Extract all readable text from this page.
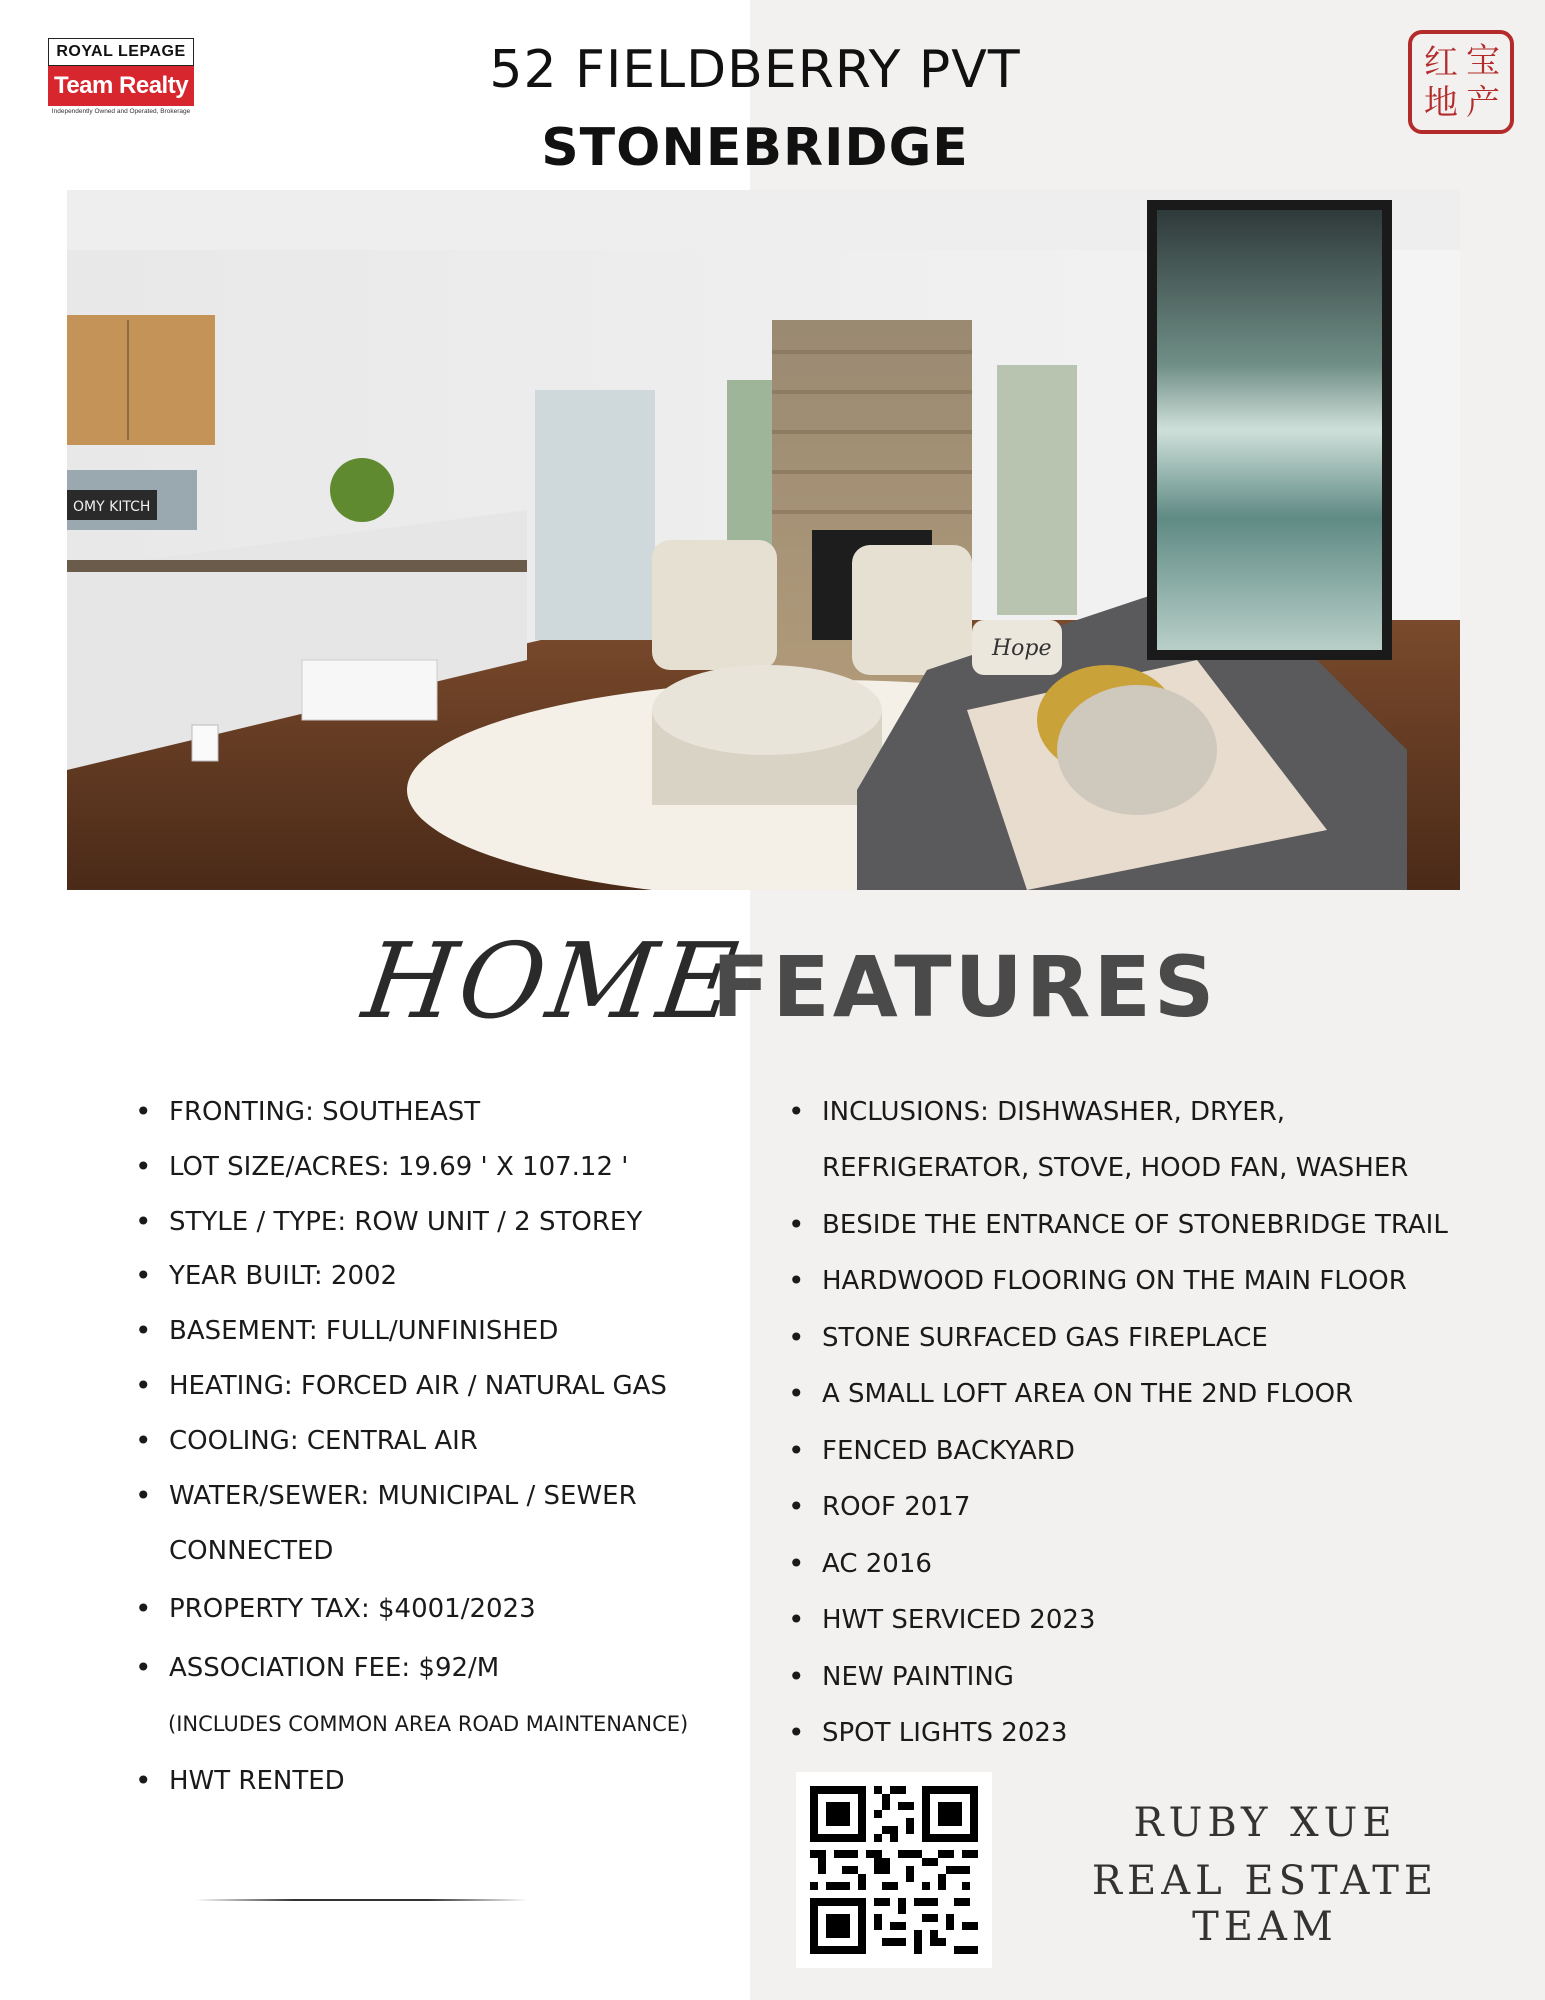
ROYAL LEPAGE
Team Realty
Independently Owned and Operated, Brokerage
52 FIELDBERRY PVT
STONEBRIDGE
红 宝
地 产
Hope
OMY KITCH
HOME
FEATURES
• FRONTING: SOUTHEAST
• LOT SIZE/ACRES: 19.69 ' X 107.12 '
• STYLE / TYPE: ROW UNIT / 2 STOREY
• YEAR BUILT: 2002
• BASEMENT: FULL/UNFINISHED
• HEATING: FORCED AIR / NATURAL GAS
• COOLING: CENTRAL AIR
• WATER/SEWER: MUNICIPAL / SEWER
CONNECTED
• PROPERTY TAX: $4001/2023
• ASSOCIATION FEE: $92/M
• HWT RENTED
(INCLUDES COMMON AREA ROAD MAINTENANCE)
• INCLUSIONS: DISHWASHER, DRYER,
REFRIGERATOR, STOVE, HOOD FAN, WASHER
• BESIDE THE ENTRANCE OF STONEBRIDGE TRAIL
• HARDWOOD FLOORING ON THE MAIN FLOOR
• STONE SURFACED GAS FIREPLACE
• A SMALL LOFT AREA ON THE 2ND FLOOR
• FENCED BACKYARD
• ROOF 2017
• AC 2016
• HWT SERVICED 2023
• NEW PAINTING
• SPOT LIGHTS 2023
RUBY XUE
REAL ESTATE TEAM
